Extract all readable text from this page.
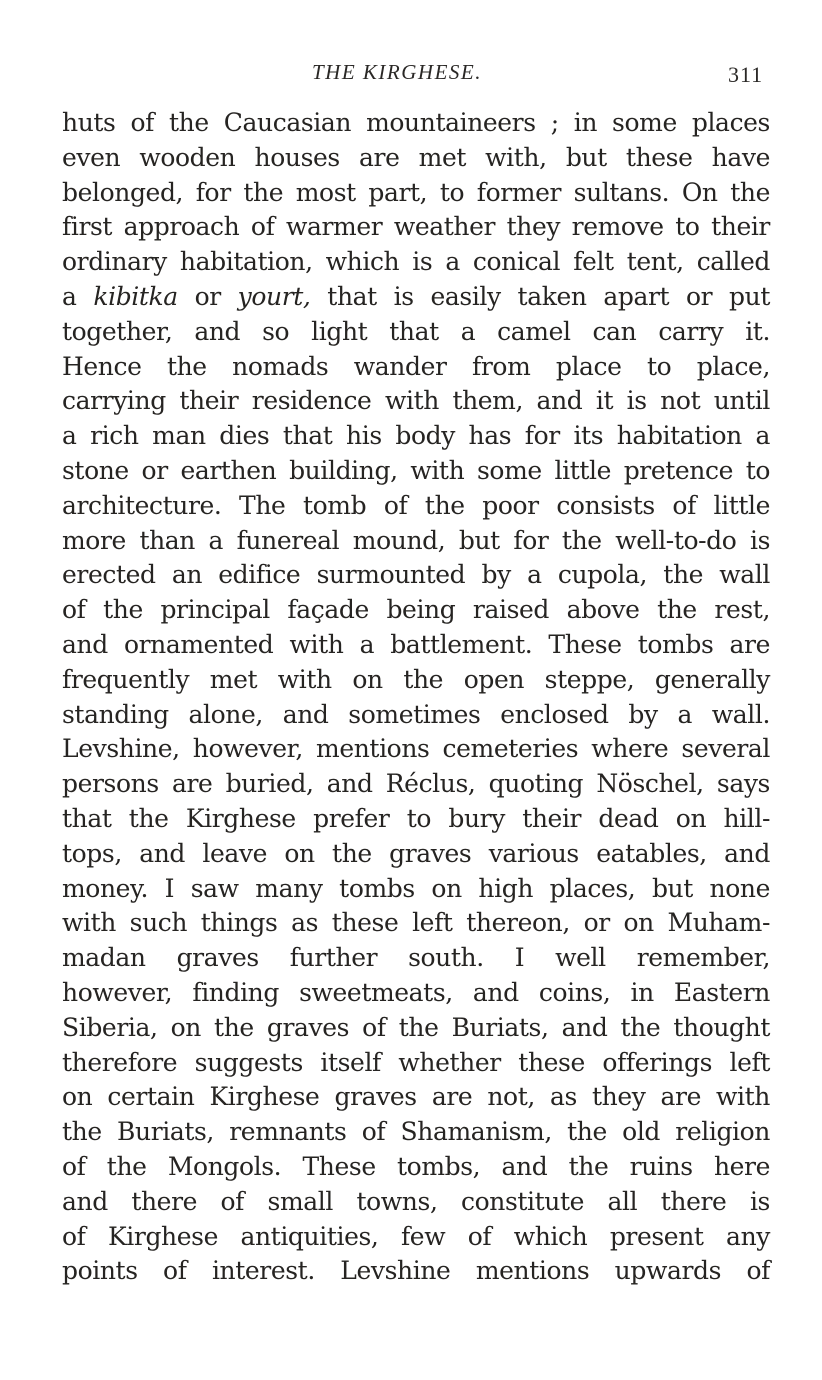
THE KIRGHESE.	311
huts of the Caucasian mountaineers ; in some places
even wooden houses are met with, but these have
belonged, for the most part, to former sultans. On the
first approach of warmer weather they remove to their
ordinary habitation, which is a conical felt tent, called
a kibitka or yourt, that is easily taken apart or put
together, and so light that a camel can carry it.
Hence the nomads wander from place to place,
carrying their residence with them, and it is not until
a rich man dies that his body has for its habitation a
stone or earthen building, with some little pretence to
architecture. The tomb of the poor consists of little
more than a funereal mound, but for the well-to-do is
erected an edifice surmounted by a cupola, the wall
of the principal façade being raised above the rest,
and ornamented with a battlement. These tombs are
frequently met with on the open steppe, generally
standing alone, and sometimes enclosed by a wall.
Levshine, however, mentions cemeteries where several
persons are buried, and Réclus, quoting Nöschel, says
that the Kirghese prefer to bury their dead on hill-
tops, and leave on the graves various eatables, and
money. I saw many tombs on high places, but none
with such things as these left thereon, or on Muham-
madan graves further south. I well remember,
however, finding sweetmeats, and coins, in Eastern
Siberia, on the graves of the Buriats, and the thought
therefore suggests itself whether these offerings left
on certain Kirghese graves are not, as they are with
the Buriats, remnants of Shamanism, the old religion
of the Mongols. These tombs, and the ruins here
and there of small towns, constitute all there is
of Kirghese antiquities, few of which present any
points of interest. Levshine mentions upwards of
